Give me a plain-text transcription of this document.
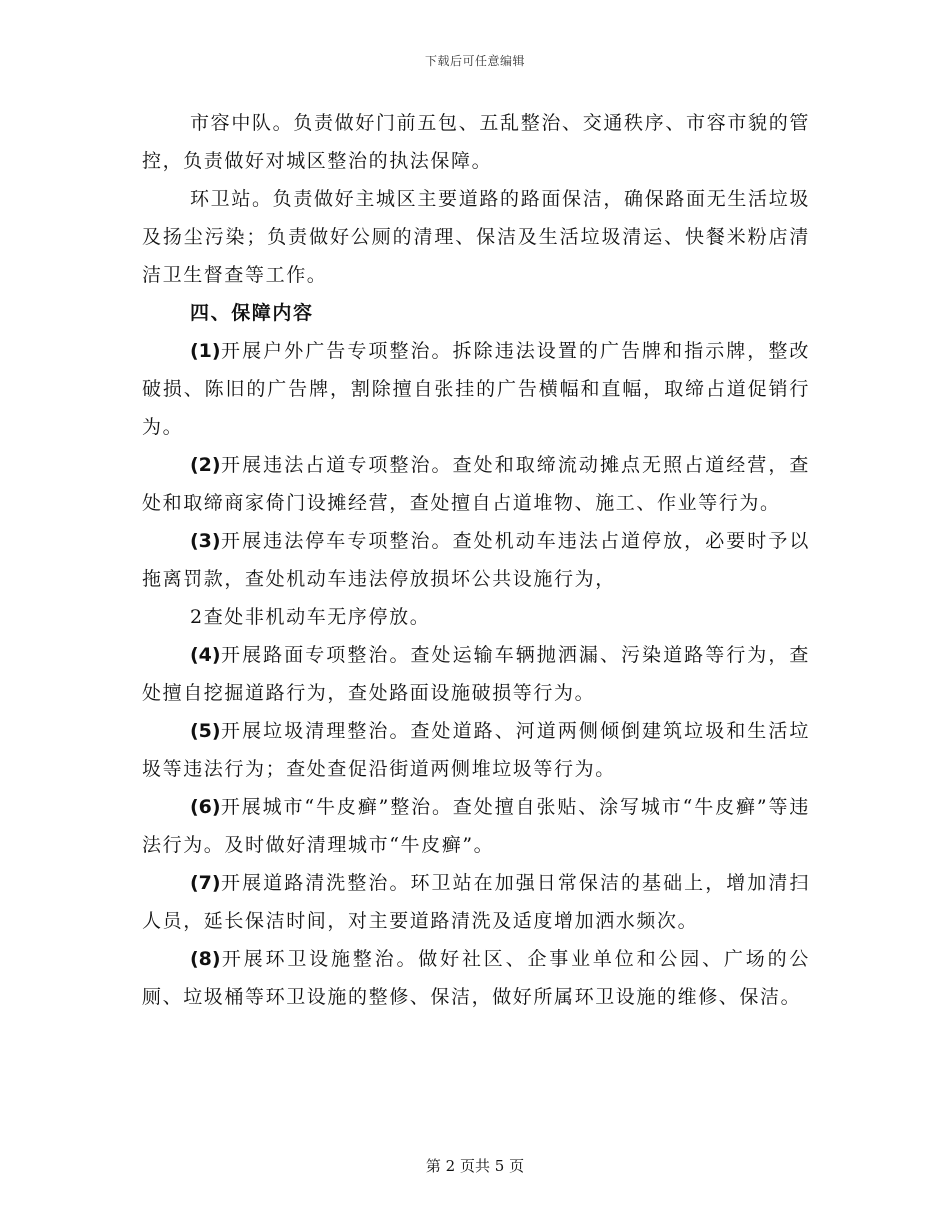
下载后可任意编辑

市容中队。负责做好门前五包、五乱整治、交通秩序、市容市貌的管控，负责做好对城区整治的执法保障。

环卫站。负责做好主城区主要道路的路面保洁，确保路面无生活垃圾及扬尘污染；负责做好公厕的清理、保洁及生活垃圾清运、快餐米粉店清洁卫生督查等工作。

四、保障内容

(1)开展户外广告专项整治。拆除违法设置的广告牌和指示牌，整改破损、陈旧的广告牌，割除擅自张挂的广告横幅和直幅，取缔占道促销行为。

(2)开展违法占道专项整治。查处和取缔流动摊点无照占道经营，查处和取缔商家倚门设摊经营，查处擅自占道堆物、施工、作业等行为。

(3)开展违法停车专项整治。查处机动车违法占道停放，必要时予以拖离罚款，查处机动车违法停放损坏公共设施行为，

2查处非机动车无序停放。

(4)开展路面专项整治。查处运输车辆抛洒漏、污染道路等行为，查处擅自挖掘道路行为，查处路面设施破损等行为。

(5)开展垃圾清理整治。查处道路、河道两侧倾倒建筑垃圾和生活垃圾等违法行为；查处查促沿街道两侧堆垃圾等行为。

(6)开展城市“牛皮癣”整治。查处擅自张贴、涂写城市“牛皮癣”等违法行为。及时做好清理城市“牛皮癣”。

(7)开展道路清洗整治。环卫站在加强日常保洁的基础上，增加清扫人员，延长保洁时间，对主要道路清洗及适度增加洒水频次。

(8)开展环卫设施整治。做好社区、企事业单位和公园、广场的公厕、垃圾桶等环卫设施的整修、保洁，做好所属环卫设施的维修、保洁。

第 2 页共 5 页
